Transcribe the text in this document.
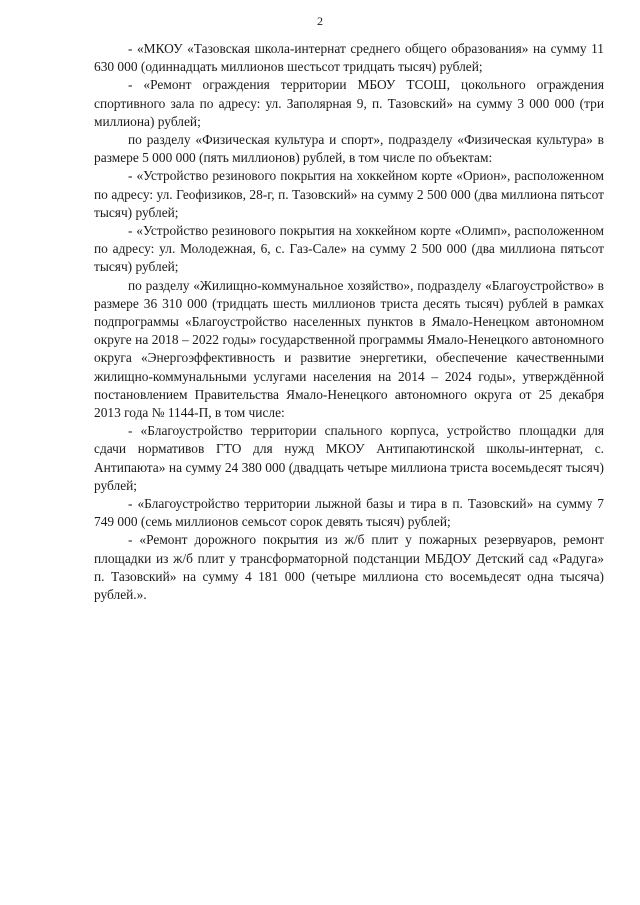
2

- «МКОУ «Тазовская школа-интернат среднего общего образования» на сумму 11 630 000 (одиннадцать миллионов шестьсот тридцать тысяч) рублей;

- «Ремонт ограждения территории МБОУ ТСОШ, цокольного ограждения спортивного зала по адресу: ул. Заполярная 9, п. Тазовский» на сумму 3 000 000 (три миллиона) рублей;

по разделу «Физическая культура и спорт», подразделу «Физическая культура» в размере 5 000 000 (пять миллионов) рублей, в том числе по объектам:

- «Устройство резинового покрытия на хоккейном корте «Орион», расположенном по адресу: ул. Геофизиков, 28-г, п. Тазовский» на сумму 2 500 000 (два миллиона пятьсот тысяч) рублей;

- «Устройство резинового покрытия на хоккейном корте «Олимп», расположенном по адресу: ул. Молодежная, 6, с. Газ-Сале» на сумму 2 500 000 (два миллиона пятьсот тысяч) рублей;

по разделу «Жилищно-коммунальное хозяйство», подразделу «Благоустройство» в размере 36 310 000 (тридцать шесть миллионов триста десять тысяч) рублей в рамках подпрограммы «Благоустройство населенных пунктов в Ямало-Ненецком автономном округе на 2018 – 2022 годы» государственной программы Ямало-Ненецкого автономного округа «Энергоэффективность и развитие энергетики, обеспечение качественными жилищно-коммунальными услугами населения на 2014 – 2024 годы», утверждённой постановлением Правительства Ямало-Ненецкого автономного округа от 25 декабря 2013 года № 1144-П, в том числе:

- «Благоустройство территории спального корпуса, устройство площадки для сдачи нормативов ГТО для нужд МКОУ Антипаютинской школы-интернат, с. Антипаюта» на сумму 24 380 000 (двадцать четыре миллиона триста восемьдесят тысяч) рублей;

- «Благоустройство территории лыжной базы и тира в п. Тазовский» на сумму 7 749 000 (семь миллионов семьсот сорок девять тысяч) рублей;

- «Ремонт дорожного покрытия из ж/б плит у пожарных резервуаров, ремонт площадки из ж/б плит у трансформаторной подстанции МБДОУ Детский сад «Радуга» п. Тазовский» на сумму 4 181 000 (четыре миллиона сто восемьдесят одна тысяча) рублей.».
